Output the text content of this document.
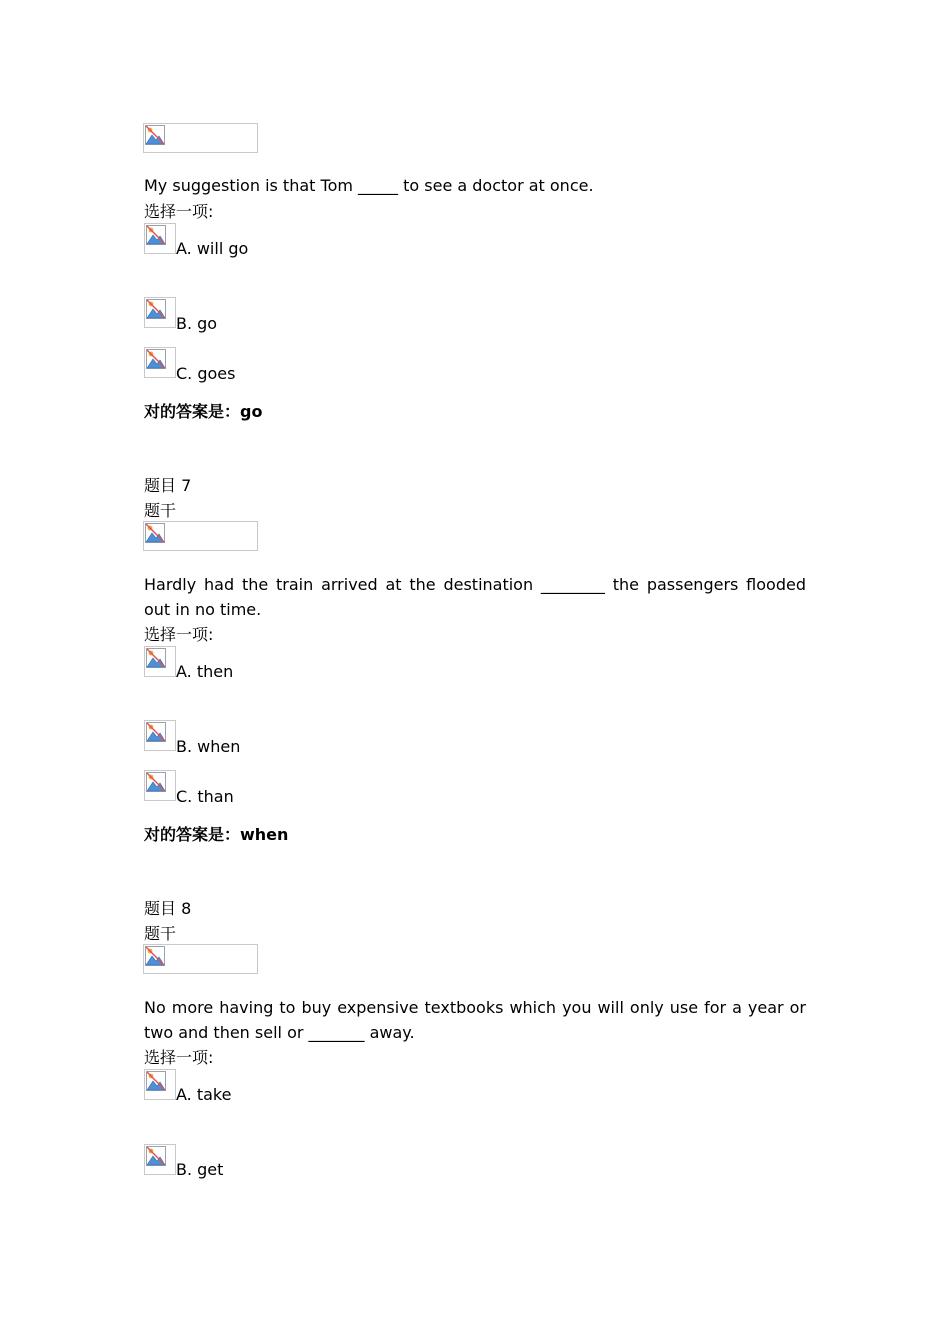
My suggestion is that Tom _____ to see a doctor at once.
选择一项:
A. will go
B. go
C. goes
对的答案是：go
题目 7
题干
Hardly had the train arrived at the destination ________ the passengers flooded out in no time.
选择一项:
A. then
B. when
C. than
对的答案是：when
题目 8
题干
No more having to buy expensive textbooks which you will only use for a year or two and then sell or _______ away.
选择一项:
A. take
B. get
